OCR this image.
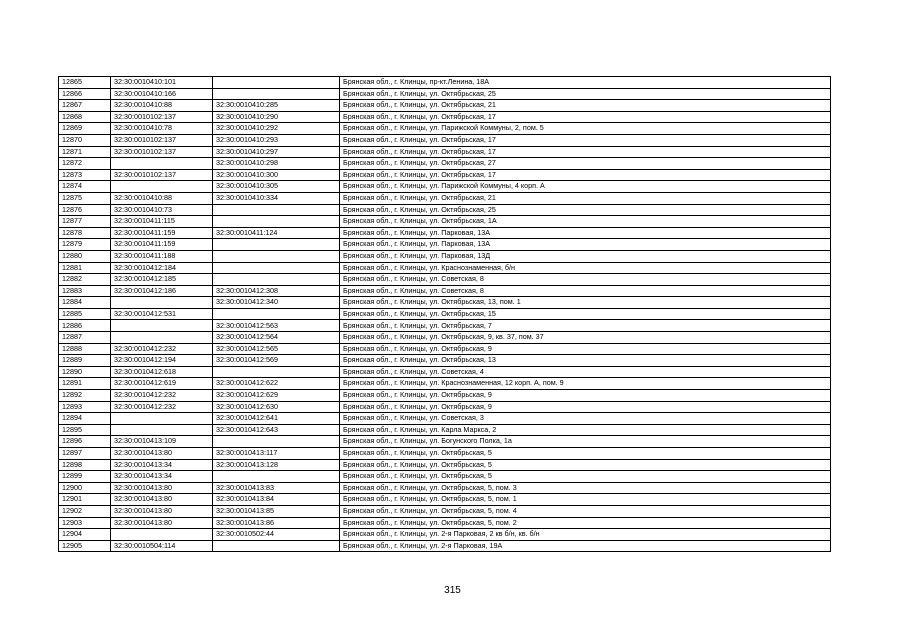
12865	32:30:0010410:101		Брянская обл., г. Клинцы, пр-кт.Ленина, 18А
12866	32:30:0010410:166		Брянская обл., г. Клинцы, ул. Октябрьская, 25
12867	32:30:0010410:88	32:30:0010410:285	Брянская обл., г. Клинцы, ул. Октябрьская, 21
12868	32:30:0010102:137	32:30:0010410:290	Брянская обл., г. Клинцы, ул. Октябрьская, 17
12869	32:30:0010410:78	32:30:0010410:292	Брянская обл., г. Клинцы, ул. Парижской Коммуны, 2, пом. 5
12870	32:30:0010102:137	32:30:0010410:293	Брянская обл., г. Клинцы, ул. Октябрьская, 17
12871	32:30:0010102:137	32:30:0010410:297	Брянская обл., г. Клинцы, ул. Октябрьская, 17
12872		32:30:0010410:298	Брянская обл., г. Клинцы, ул. Октябрьская, 27
12873	32:30:0010102:137	32:30:0010410:300	Брянская обл., г. Клинцы, ул. Октябрьская, 17
12874		32:30:0010410:305	Брянская обл., г. Клинцы, ул. Парижской Коммуны, 4 корп. А
12875	32:30:0010410:88	32:30:0010410:334	Брянская обл., г. Клинцы, ул. Октябрьская, 21
12876	32:30:0010410:73		Брянская обл., г. Клинцы, ул. Октябрьская, 25
12877	32:30:0010411:115		Брянская обл., г. Клинцы, ул. Октябрьская, 1А
12878	32:30:0010411:159	32:30:0010411:124	Брянская обл., г. Клинцы, ул. Парковая, 13А
12879	32:30:0010411:159		Брянская обл., г. Клинцы, ул. Парковая, 13А
12880	32:30:0010411:188		Брянская обл., г. Клинцы, ул. Парковая, 13Д
12881	32:30:0010412:184		Брянская обл., г. Клинцы, ул. Краснознаменная, б/н
12882	32:30:0010412:185		Брянская обл., г. Клинцы, ул. Советская, 8
12883	32:30:0010412:186	32:30:0010412:308	Брянская обл., г. Клинцы, ул. Советская, 8
12884		32:30:0010412:340	Брянская обл., г. Клинцы, ул. Октябрьская, 13, пом. 1
12885	32:30:0010412:531		Брянская обл., г. Клинцы, ул. Октябрьская, 15
12886		32:30:0010412:563	Брянская обл., г. Клинцы, ул. Октябрьская, 7
12887		32:30:0010412:564	Брянская обл., г. Клинцы, ул. Октябрьская, 9, кв. 37, пом. 37
12888	32:30:0010412:232	32:30:0010412:565	Брянская обл., г. Клинцы, ул. Октябрьская, 9
12889	32:30:0010412:194	32:30:0010412:569	Брянская обл., г. Клинцы, ул. Октябрьская, 13
12890	32:30:0010412:618		Брянская обл., г. Клинцы, ул. Советская, 4
12891	32:30:0010412:619	32:30:0010412:622	Брянская обл., г. Клинцы, ул. Краснознаменная, 12 корп. А, пом. 9
12892	32:30:0010412:232	32:30:0010412:629	Брянская обл., г. Клинцы, ул. Октябрьская, 9
12893	32:30:0010412:232	32:30:0010412:630	Брянская обл., г. Клинцы, ул. Октябрьская, 9
12894		32:30:0010412:641	Брянская обл., г. Клинцы, ул. Советская, 3
12895		32:30:0010412:643	Брянская обл., г. Клинцы, ул. Карла Маркса, 2
12896	32:30:0010413:109		Брянская обл., г. Клинцы, ул. Богунского Полка, 1а
12897	32:30:0010413:80	32:30:0010413:117	Брянская обл., г. Клинцы, ул. Октябрьская, 5
12898	32:30:0010413:34	32:30:0010413:128	Брянская обл., г. Клинцы, ул. Октябрьская, 5
12899	32:30:0010413:34		Брянская обл., г. Клинцы, ул. Октябрьская, 5
12900	32:30:0010413:80	32:30:0010413:83	Брянская обл., г. Клинцы, ул. Октябрьская, 5, пом. 3
12901	32:30:0010413:80	32:30:0010413:84	Брянская обл., г. Клинцы, ул. Октябрьская, 5, пом. 1
12902	32:30:0010413:80	32:30:0010413:85	Брянская обл., г. Клинцы, ул. Октябрьская, 5, пом. 4
12903	32:30:0010413:80	32:30:0010413:86	Брянская обл., г. Клинцы, ул. Октябрьская, 5, пом. 2
12904		32:30:0010502:44	Брянская обл., г. Клинцы, ул. 2-я Парковая, 2 кв б/н, кв. б/н
12905	32:30:0010504:114		Брянская обл., г. Клинцы, ул. 2-я Парковая, 19А
315
